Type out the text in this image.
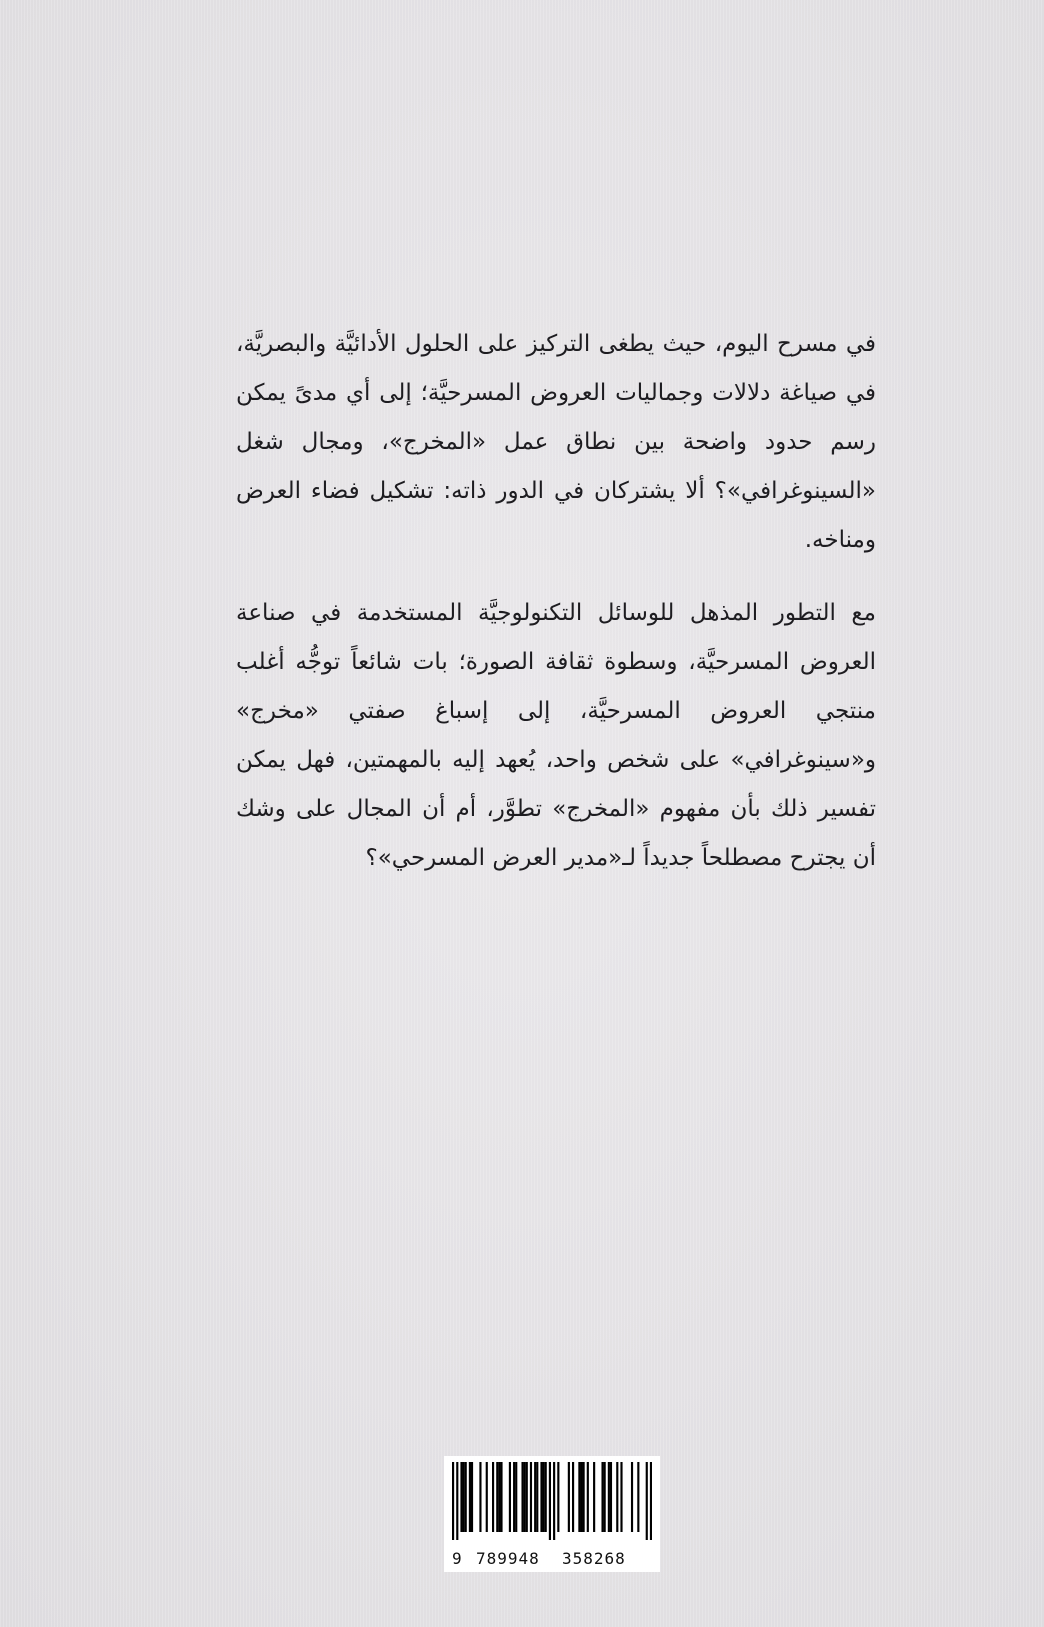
في مسرح اليوم، حيث يطغى التركيز على الحلول الأدائيَّة والبصريَّة، في صياغة دلالات وجماليات العروض المسرحيَّة؛ إلى أي مدىً يمكن رسم حدود واضحة بين نطاق عمل «المخرج»، ومجال شغل «السينوغرافي»؟ ألا يشتركان في الدور ذاته: تشكيل فضاء العرض ومناخه.

مع التطور المذهل للوسائل التكنولوجيَّة المستخدمة في صناعة العروض المسرحيَّة، وسطوة ثقافة الصورة؛ بات شائعاً توجُّه أغلب منتجي العروض المسرحيَّة، إلى إسباغ صفتي «مخرج» و«سينوغرافي» على شخص واحد، يُعهد إليه بالمهمتين، فهل يمكن تفسير ذلك بأن مفهوم «المخرج» تطوَّر، أم أن المجال على وشك أن يجترح مصطلحاً جديداً لـ«مدير العرض المسرحي»؟

9 789948 358268
